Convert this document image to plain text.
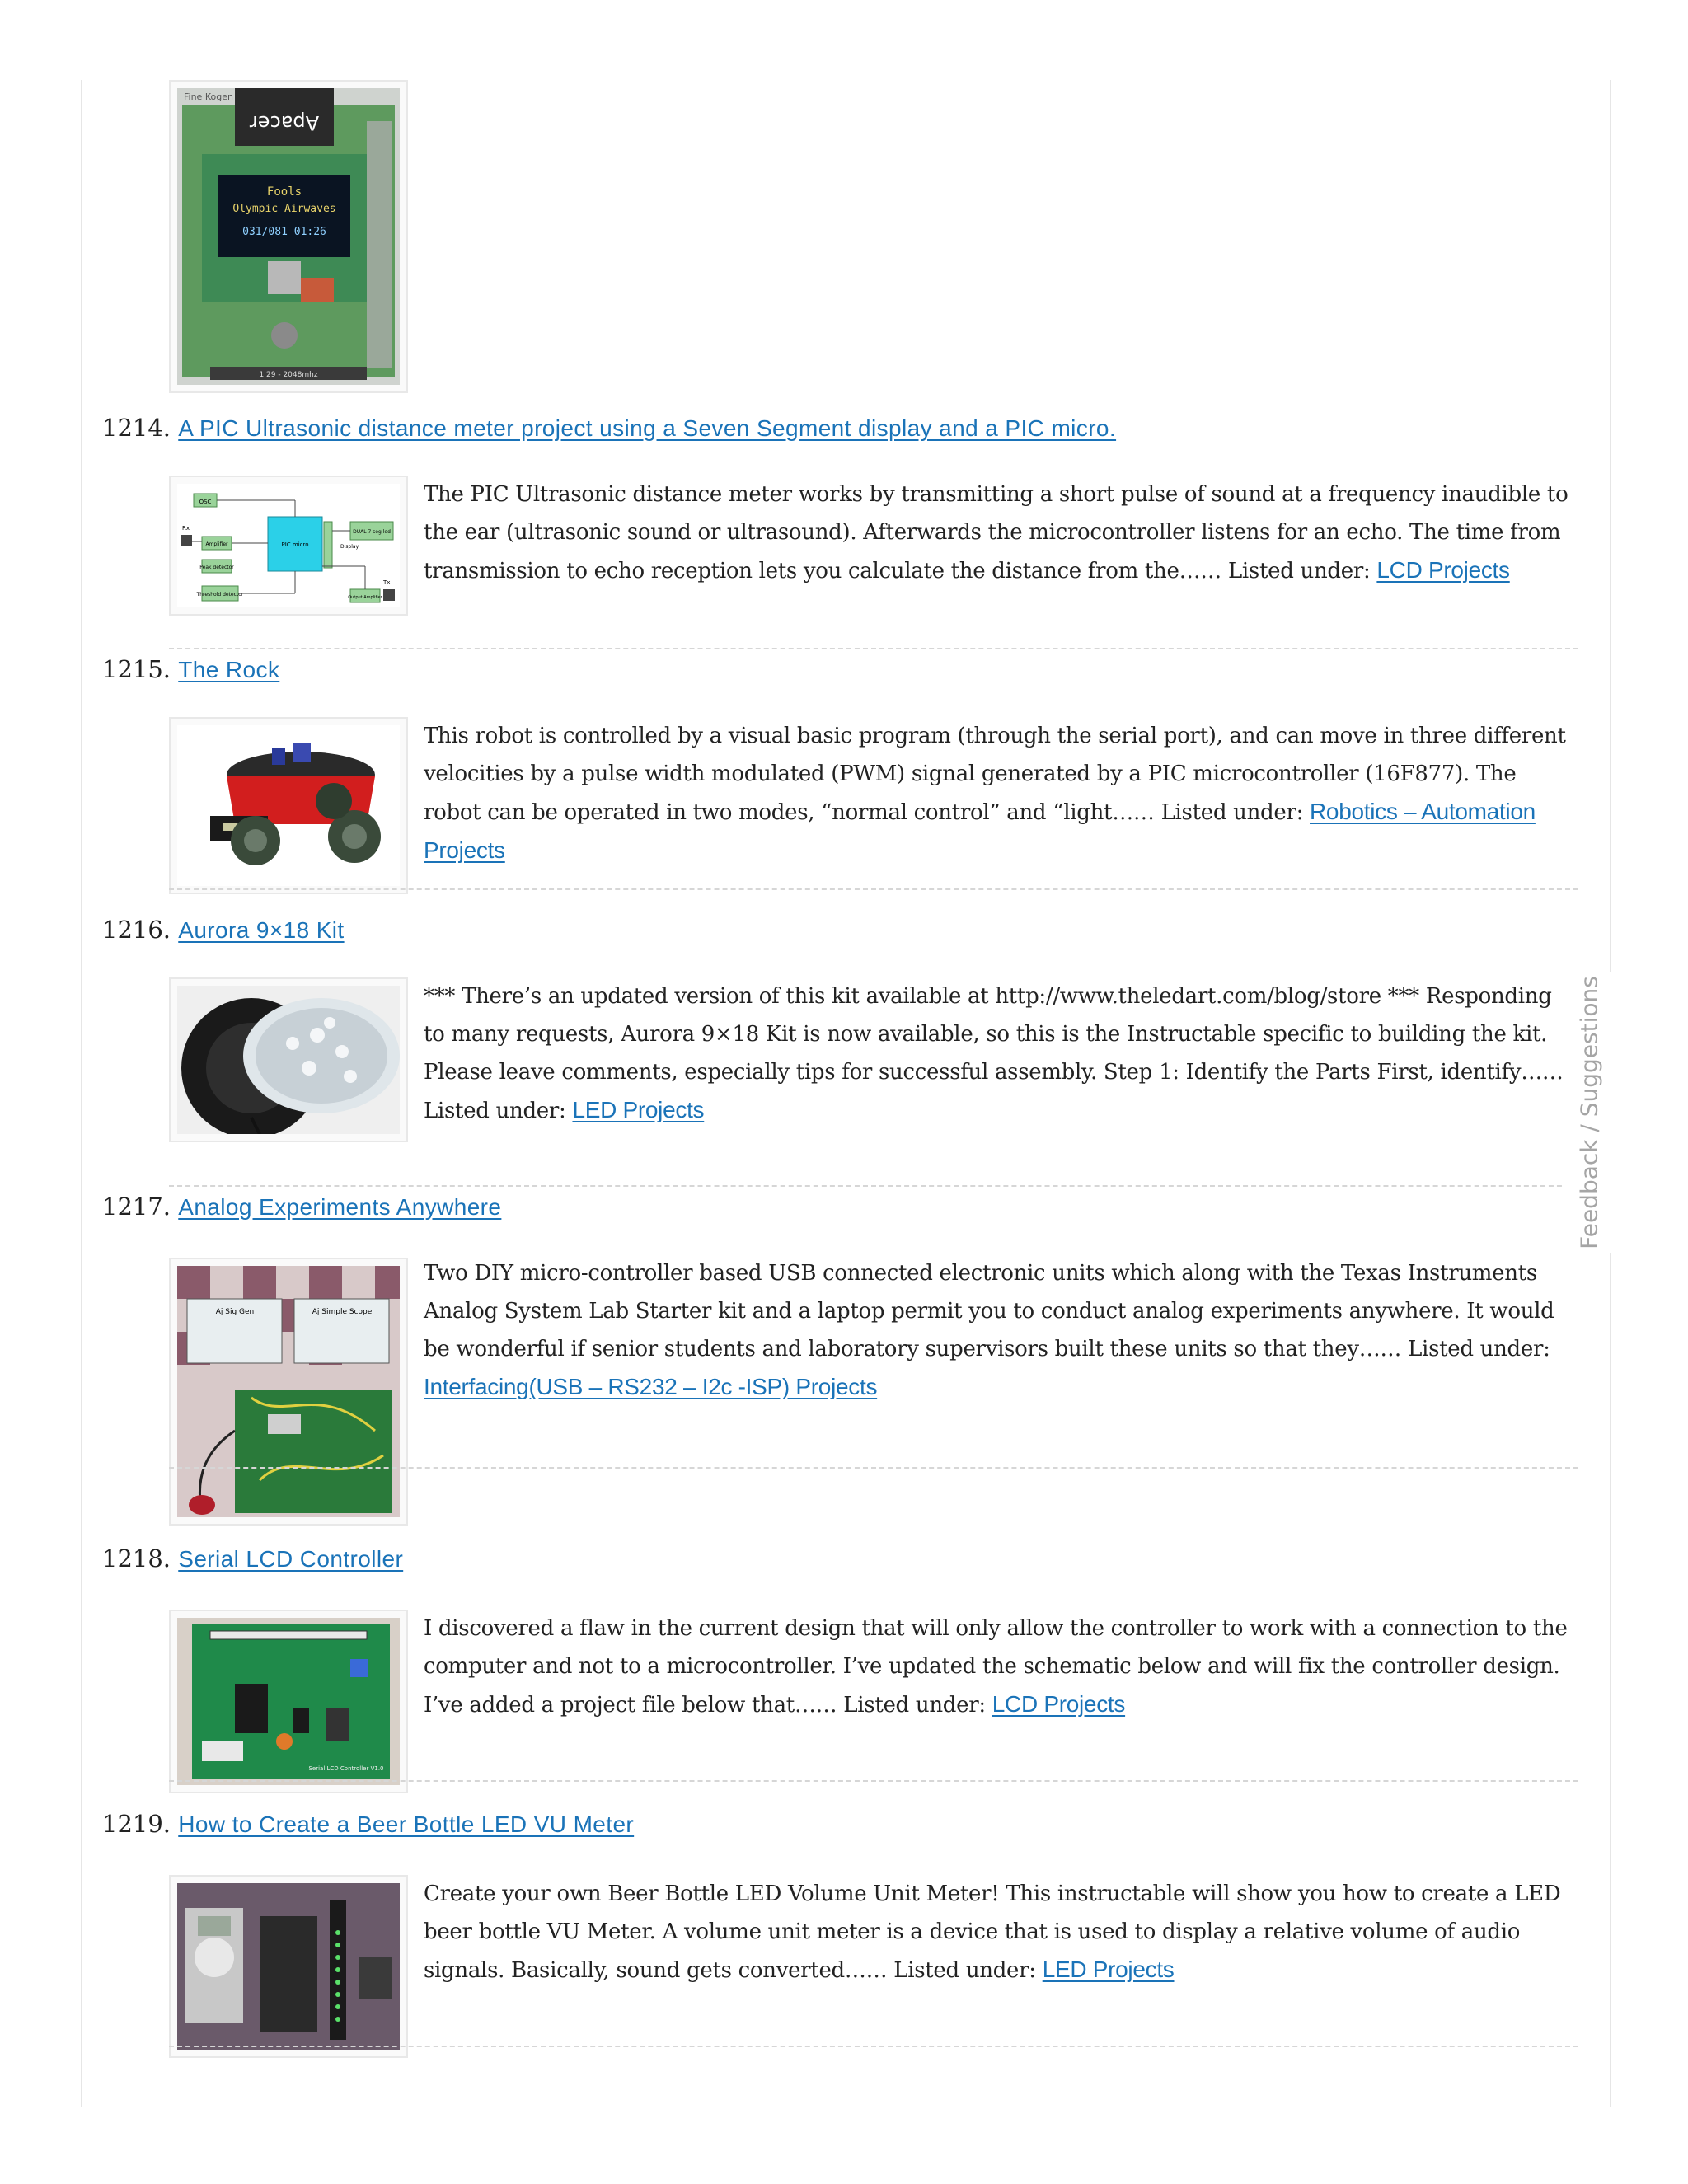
Apacer
Fine Kogen
Fools
Olympic Airwaves
031/081 01:26
1.29 - 2048mhz
1214. A PIC Ultrasonic distance meter project using a Seven Segment display and a PIC micro.
OSC
Rx
Amplifier
Peak detector
Threshold detector
PIC micro	Display
DUAL 7 seg led
Output Amplifier
Tx
The PIC Ultrasonic distance meter works by transmitting a short pulse of sound at a frequency inaudible to the ear (ultrasonic sound or ultrasound). Afterwards the microcontroller listens for an echo. The time from transmission to echo reception lets you calculate the distance from the…… Listed under: LCD Projects
1215. The Rock
This robot is controlled by a visual basic program (through the serial port), and can move in three different velocities by a pulse width modulated (PWM) signal generated by a PIC microcontroller (16F877). The robot can be operated in two modes, “normal control” and “light…… Listed under: Robotics – Automation Projects
1216. Aurora 9×18 Kit
*** There’s an updated version of this kit available at http://www.theledart.com/blog/store *** Responding to many requests, Aurora 9×18 Kit is now available, so this is the Instructable specific to building the kit. Please leave comments, especially tips for successful assembly. Step 1: Identify the Parts First, identify…… Listed under: LED Projects
1217. Analog Experiments Anywhere
Aj Sig Gen	Aj Simple Scope
Two DIY micro-controller based USB connected electronic units which along with the Texas Instruments Analog System Lab Starter kit and a laptop permit you to conduct analog experiments anywhere. It would be wonderful if senior students and laboratory supervisors built these units so that they…… Listed under: Interfacing(USB – RS232 – I2c -ISP) Projects
1218. Serial LCD Controller
Serial LCD Controller V1.0
I discovered a flaw in the current design that will only allow the controller to work with a connection to the computer and not to a microcontroller. I’ve updated the schematic below and will fix the controller design. I’ve added a project file below that…… Listed under: LCD Projects
1219. How to Create a Beer Bottle LED VU Meter
Create your own Beer Bottle LED Volume Unit Meter! This instructable will show you how to create a LED beer bottle VU Meter. A volume unit meter is a device that is used to display a relative volume of audio signals. Basically, sound gets converted…… Listed under: LED Projects
Feedback / Suggestions
